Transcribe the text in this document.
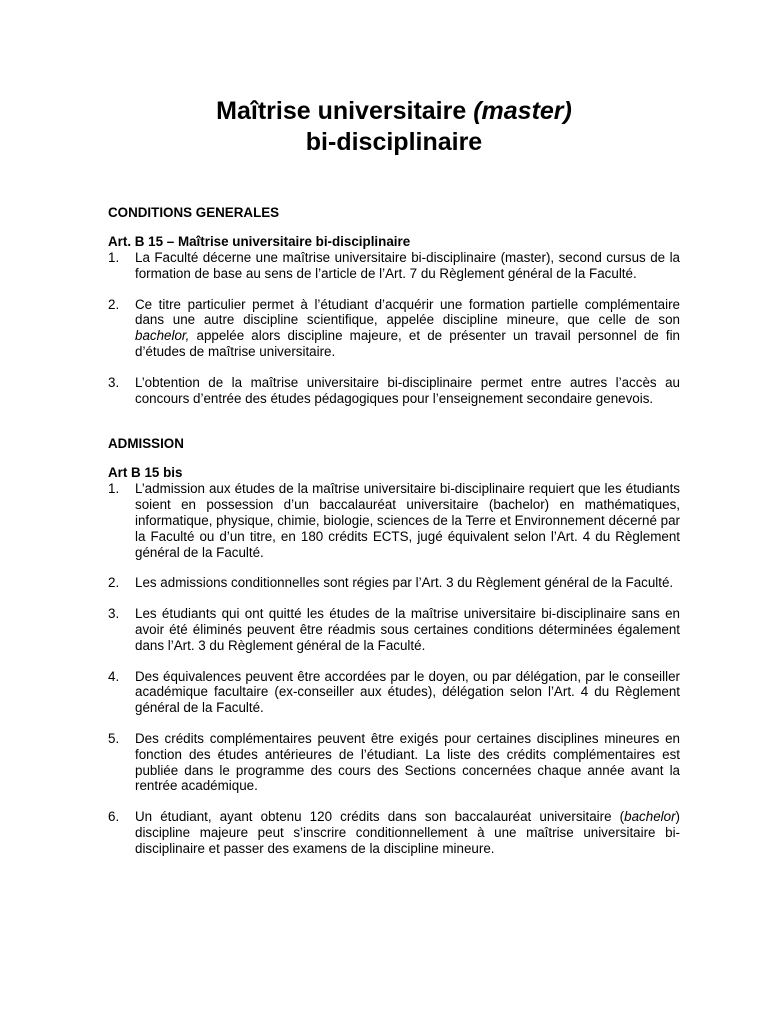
Maîtrise universitaire (master)
bi-disciplinaire

CONDITIONS GENERALES

Art. B 15 – Maîtrise universitaire bi-disciplinaire

1. La Faculté décerne une maîtrise universitaire bi-disciplinaire (master), second cursus de la formation de base au sens de l’article de l’Art. 7 du Règlement général de la Faculté.
2. Ce titre particulier permet à l’étudiant d’acquérir une formation partielle complémentaire dans une autre discipline scientifique, appelée discipline mineure, que celle de son bachelor, appelée alors discipline majeure, et de présenter un travail personnel de fin d’études de maîtrise universitaire.
3. L’obtention de la maîtrise universitaire bi-disciplinaire permet entre autres l’accès au concours d’entrée des études pédagogiques pour l’enseignement secondaire genevois.

ADMISSION

Art B 15 bis

1. L’admission aux études de la maîtrise universitaire bi-disciplinaire requiert que les étudiants soient en possession d’un baccalauréat universitaire (bachelor) en mathématiques, informatique, physique, chimie, biologie, sciences de la Terre et Environnement décerné par la Faculté ou d’un titre, en 180 crédits ECTS, jugé équivalent selon l’Art. 4 du Règlement général de la Faculté.
2. Les admissions conditionnelles sont régies par l’Art. 3 du Règlement général de la Faculté.
3. Les étudiants qui ont quitté les études de la maîtrise universitaire bi-disciplinaire sans en avoir été éliminés peuvent être réadmis sous certaines conditions déterminées également dans l’Art. 3 du Règlement général de la Faculté.
4. Des équivalences peuvent être accordées par le doyen, ou par délégation, par le conseiller académique facultaire (ex-conseiller aux études), délégation selon l’Art. 4 du Règlement général de la Faculté.
5. Des crédits complémentaires peuvent être exigés pour certaines disciplines mineures en fonction des études antérieures de l’étudiant. La liste des crédits complémentaires est publiée dans le programme des cours des Sections concernées chaque année avant la rentrée académique.
6. Un étudiant, ayant obtenu 120 crédits dans son baccalauréat universitaire (bachelor) discipline majeure peut s’inscrire conditionnellement à une maîtrise universitaire bi-disciplinaire et passer des examens de la discipline mineure.
